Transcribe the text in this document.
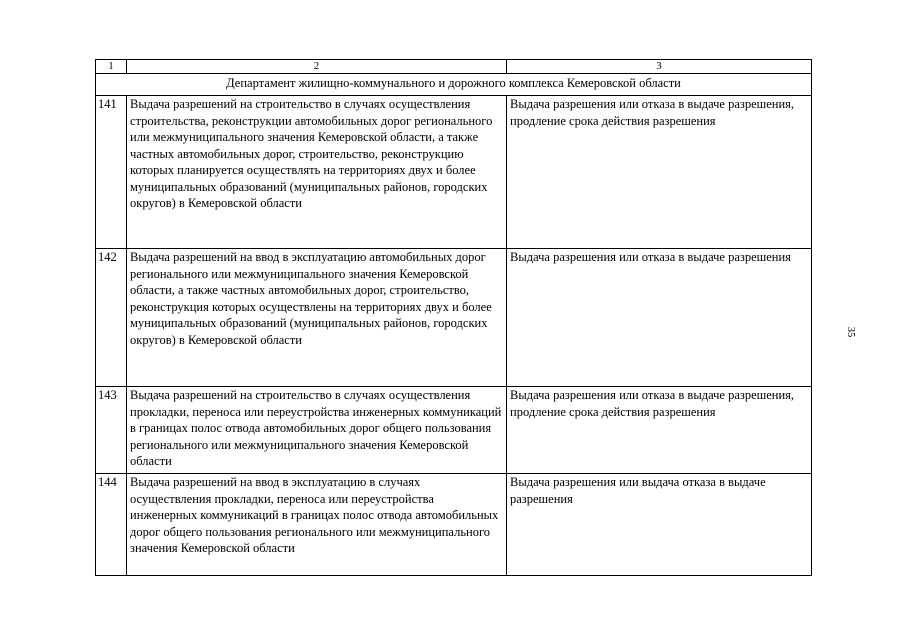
1	2	3
Департамент жилищно-коммунального и дорожного комплекса Кемеровской области		
141	Выдача разрешений на строительство в случаях осуществления строительства, реконструкции автомобильных дорог регионального или межмуниципального значения Кемеровской области, а также частных автомобильных дорог, строительство, реконструкцию которых планируется осуществлять на территориях двух и более муниципальных образований (муниципальных районов, городских округов) в Кемеровской области	Выдача разрешения или отказа в выдаче разрешения, продление срока действия разрешения
142	Выдача разрешений на ввод в эксплуатацию автомобильных дорог регионального или межмуниципального значения Кемеровской области, а также частных автомобильных дорог, строительство, реконструкция которых осуществлены на территориях двух и более муниципальных образований (муниципальных районов, городских округов) в Кемеровской области	Выдача разрешения или отказа в выдаче разрешения
143	Выдача разрешений на строительство в случаях осуществления прокладки, переноса или переустройства инженерных коммуникаций в границах полос отвода автомобильных дорог общего пользования регионального или межмуниципального значения Кемеровской области	Выдача разрешения или отказа в выдаче разрешения, продление срока действия разрешения
144	Выдача разрешений на ввод в эксплуатацию в случаях осуществления прокладки, переноса или переустройства инженерных коммуникаций в границах полос отвода автомобильных дорог общего пользования регионального или межмуниципального значения Кемеровской области	Выдача разрешения или выдача отказа в выдаче разрешения
35
